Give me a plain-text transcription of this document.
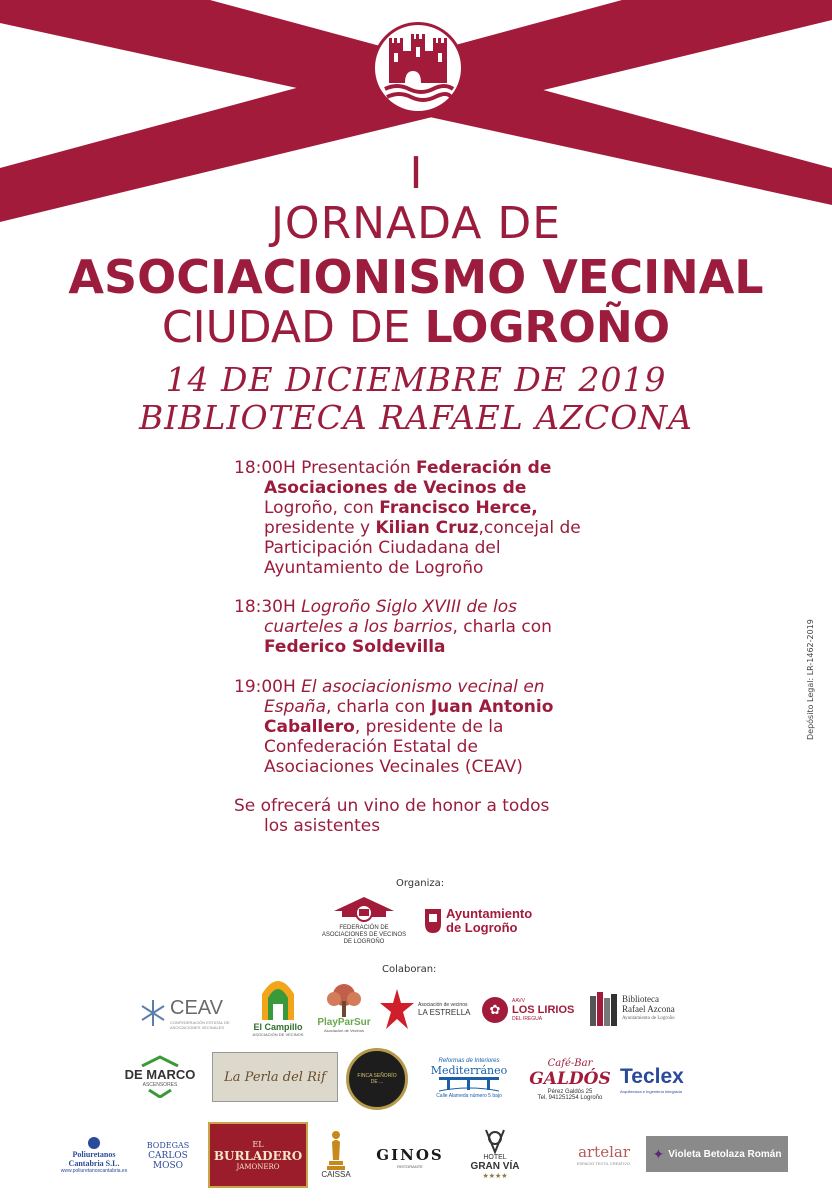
I
JORNADA DE
ASOCIACIONISMO VECINAL
CIUDAD DE LOGROÑO
14 DE DICIEMBRE DE 2019
BIBLIOTECA RAFAEL AZCONA
18:00H Presentación Federación de
Asociaciones de Vecinos de
Logroño, con Francisco Herce,
presidente y Kilian Cruz,concejal de
Participación Ciudadana del
Ayuntamiento de Logroño
18:30H Logroño Siglo XVIII de los
cuarteles a los barrios, charla con
Federico Soldevilla
19:00H El asociacionismo vecinal en
España, charla con Juan Antonio
Caballero, presidente de la
Confederación Estatal de
Asociaciones Vecinales (CEAV)
Se ofrecerá un vino de honor a todos
los asistentes
Depósito Legal: LR-1462-2019
Organiza:
FEDERACIÓN DE
ASOCIACIONES DE VECINOS
DE LOGROÑO
Ayuntamiento
de Logroño
Colaboran:
CEAV
CONFEDERACIÓN ESTATAL DE ASOCIACIONES VECINALES	El Campillo
ASOCIACIÓN DE VECINOS
PlayParSur
Asociación de Vecinos
Asociación de vecinos
LA ESTRELLA ✿
AAVV
LOS LIRIOS
DEL IREGUA
Biblioteca
Rafael Azcona
Ayuntamiento de Logroño
DE MARCO
ASCENSORES	La Perla del Rif	FINCA SEÑORÍO DE ...
Reformas de Interiores
Mediterráneo
Calle Alameda número 5 bajo
Café-Bar
GALDÓS
Pérez Galdós 25
Tel. 941251254 Logroño
Teclex
Arquitectura e Ingeniería Integrada
Poliuretanos
Cantabria S.L.
www.poliuretanoscantabria.es
BODEGAS
CARLOS
MOSO
EL
BURLADERO
JAMONERO
CAISSA
GINOS
RISTORANTE
HOTEL
GRAN VÍA
★★★★
artelar
ESPACIO TEXTIL CREATIVO
✦ Violeta Betolaza Román
